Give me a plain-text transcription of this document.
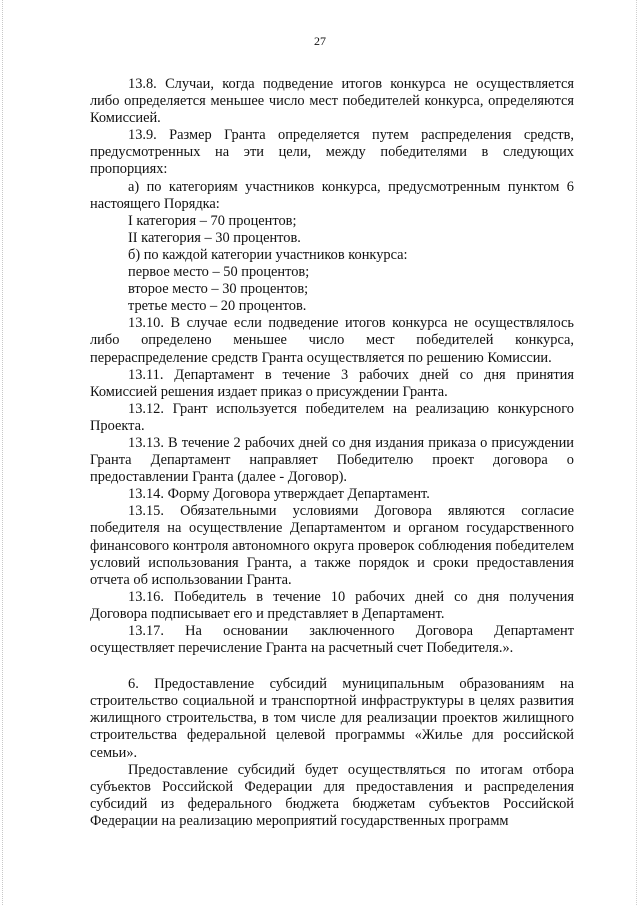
27

13.8. Случаи, когда подведение итогов конкурса не осуществляется либо определяется меньшее число мест победителей конкурса, определяются Комиссией.

13.9. Размер Гранта определяется путем распределения средств, предусмотренных на эти цели, между победителями в следующих пропорциях:

а) по категориям участников конкурса, предусмотренным пунктом 6 настоящего Порядка:

I категория – 70 процентов;

II категория – 30 процентов.

б) по каждой категории участников конкурса:

первое место – 50 процентов;

второе место – 30 процентов;

третье место – 20 процентов.

13.10. В случае если подведение итогов конкурса не осуществлялось либо определено меньшее число мест победителей конкурса, перераспределение средств Гранта осуществляется по решению Комиссии.

13.11. Департамент в течение 3 рабочих дней со дня принятия Комиссией решения издает приказ о присуждении Гранта.

13.12. Грант используется победителем на реализацию конкурсного Проекта.

13.13. В течение 2 рабочих дней со дня издания приказа о присуждении Гранта Департамент направляет Победителю проект договора о предоставлении Гранта (далее - Договор).

13.14. Форму Договора утверждает Департамент.

13.15. Обязательными условиями Договора являются согласие победителя на осуществление Департаментом и органом государственного финансового контроля автономного округа проверок соблюдения победителем условий использования Гранта, а также порядок и сроки предоставления отчета об использовании Гранта.

13.16. Победитель в течение 10 рабочих дней со дня получения Договора подписывает его и представляет в Департамент.

13.17. На основании заключенного Договора Департамент осуществляет перечисление Гранта на расчетный счет Победителя.».

6. Предоставление субсидий муниципальным образованиям на строительство социальной и транспортной инфраструктуры в целях развития жилищного строительства, в том числе для реализации проектов жилищного строительства федеральной целевой программы «Жилье для российской семьи».

Предоставление субсидий будет осуществляться по итогам отбора субъектов Российской Федерации для предоставления и распределения субсидий из федерального бюджета бюджетам субъектов Российской Федерации на реализацию мероприятий государственных программ
